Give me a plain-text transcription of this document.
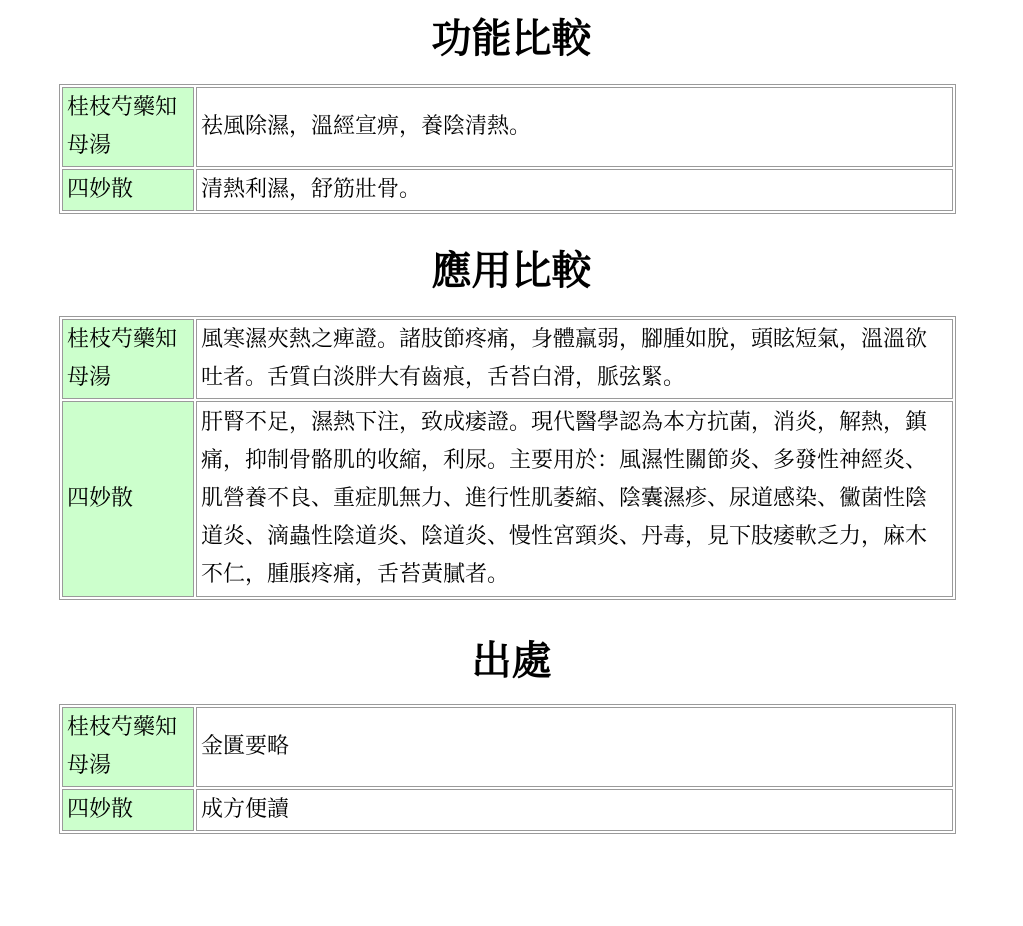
功能比較
桂枝芍藥知母湯	祛風除濕，溫經宣痹，養陰清熱。
四妙散	清熱利濕，舒筋壯骨。
應用比較
桂枝芍藥知母湯	風寒濕夾熱之痺證。諸肢節疼痛，身體羸弱，腳腫如脫，頭眩短氣，溫溫欲吐者。舌質白淡胖大有齒痕，舌苔白滑，脈弦緊。
四妙散	肝腎不足，濕熱下注，致成痿證。現代醫學認為本方抗菌，消炎，解熱，鎮痛，抑制骨骼肌的收縮，利尿。主要用於：風濕性關節炎、多發性神經炎、肌營養不良、重症肌無力、進行性肌萎縮、陰囊濕疹、尿道感染、黴菌性陰道炎、滴蟲性陰道炎、陰道炎、慢性宮頸炎、丹毒，見下肢痿軟乏力，麻木不仁，腫脹疼痛，舌苔黃膩者。
出處
桂枝芍藥知母湯	金匱要略
四妙散	成方便讀
